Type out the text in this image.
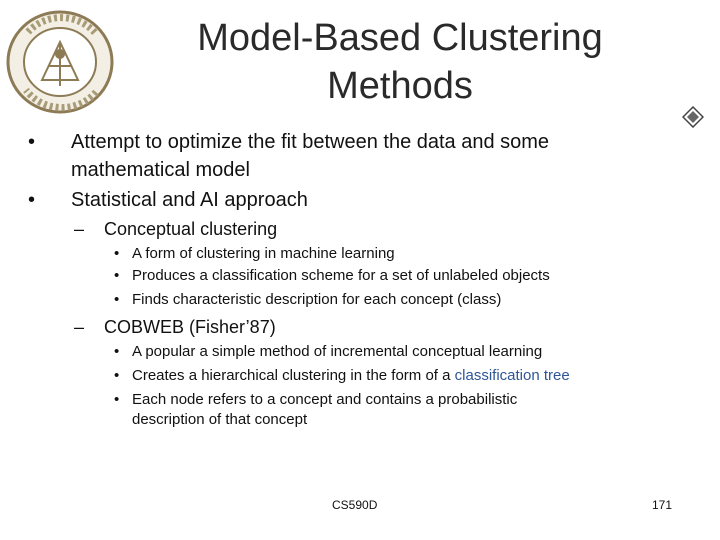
Model-Based Clustering
Methods
• Attempt to optimize the fit between the data and some
mathematical model
• Statistical and AI approach
– Conceptual clustering
• A form of clustering in machine learning
• Produces a classification scheme for a set of unlabeled objects
• Finds characteristic description for each concept (class)
– COBWEB (Fisher’87)
• A popular a simple method of incremental conceptual learning
• Creates a hierarchical clustering in the form of a classification tree
• Each node refers to a concept and contains a probabilistic
description of that concept
CS590D	171
